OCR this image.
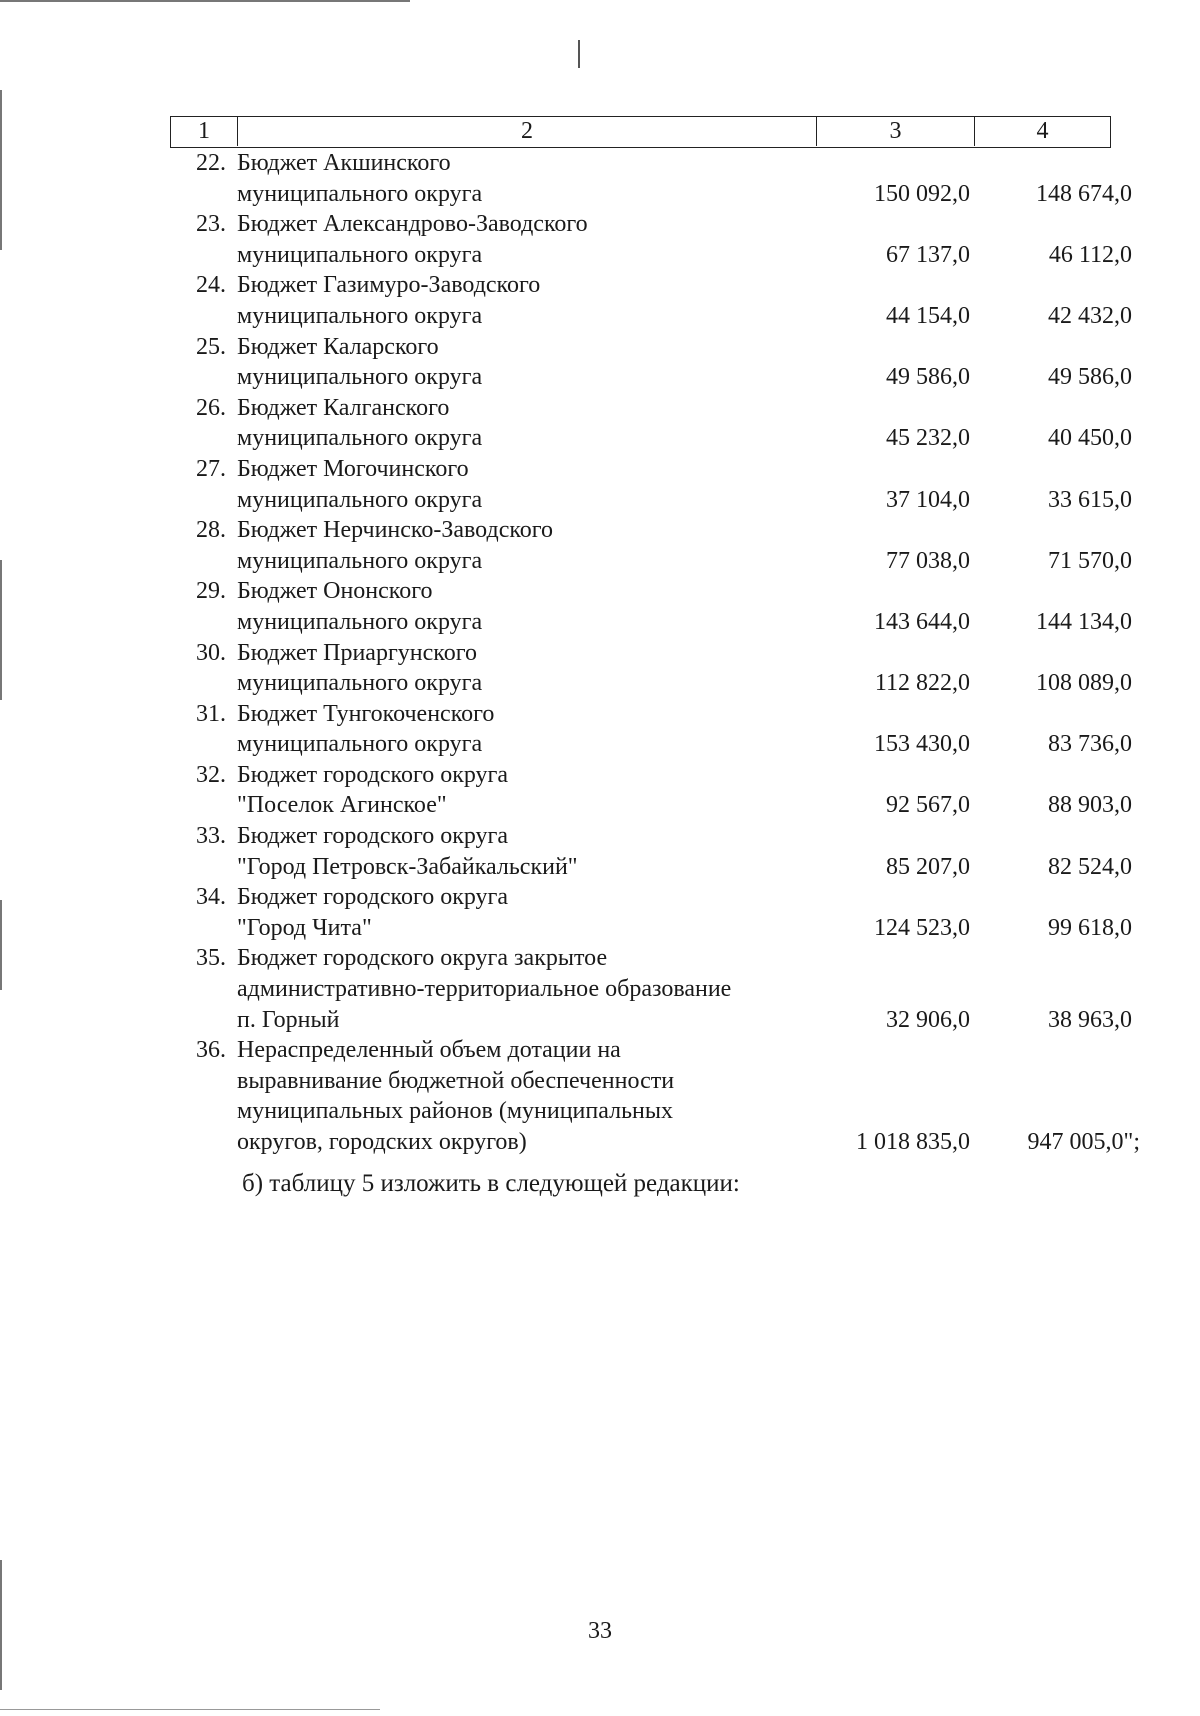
1	2	3	4
22. Бюджет Акшинского
муниципального округа	150 092,0	148 674,0
23. Бюджет Александрово-Заводского
муниципального округа	67 137,0	46 112,0
24. Бюджет Газимуро-Заводского
муниципального округа	44 154,0	42 432,0
25. Бюджет Каларского
муниципального округа	49 586,0	49 586,0
26. Бюджет Калганского
муниципального округа	45 232,0	40 450,0
27. Бюджет Могочинского
муниципального округа	37 104,0	33 615,0
28. Бюджет Нерчинско-Заводского
муниципального округа	77 038,0	71 570,0
29. Бюджет Ононского
муниципального округа	143 644,0	144 134,0
30. Бюджет Приаргунского
муниципального округа	112 822,0	108 089,0
31. Бюджет Тунгокоченского
муниципального округа	153 430,0	83 736,0
32. Бюджет городского округа
"Поселок Агинское"	92 567,0	88 903,0
33. Бюджет городского округа
"Город Петровск-Забайкальский"	85 207,0	82 524,0
34. Бюджет городского округа
"Город Чита"	124 523,0	99 618,0
35. Бюджет городского округа закрытое
административно-территориальное образование
п. Горный	32 906,0	38 963,0
36. Нераспределенный объем дотации на
выравнивание бюджетной обеспеченности
муниципальных районов (муниципальных
округов, городских округов)	1 018 835,0	947 005,0";
б) таблицу 5 изложить в следующей редакции:
33
